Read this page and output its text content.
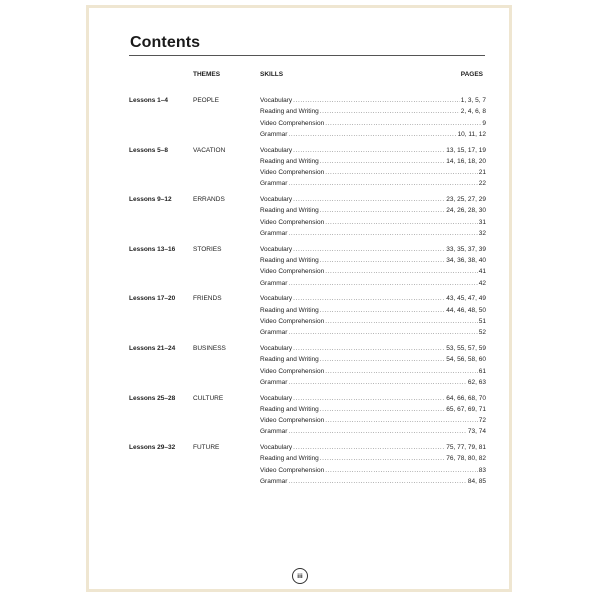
Contents
THEMES	SKILLS	PAGES
Lessons 1–4	PEOPLE	Vocabulary .....	1, 3, 5, 7
Reading and Writing .....	2, 4, 6, 8
Video Comprehension .....	9
Grammar .....	10, 11, 12
Lessons 5–8	VACATION	Vocabulary .....	13, 15, 17, 19
Reading and Writing .....	14, 16, 18, 20
Video Comprehension .....	21
Grammar .....	22
Lessons 9–12	ERRANDS	Vocabulary .....	23, 25, 27, 29
Reading and Writing .....	24, 26, 28, 30
Video Comprehension .....	31
Grammar .....	32
Lessons 13–16	STORIES	Vocabulary .....	33, 35, 37, 39
Reading and Writing .....	34, 36, 38, 40
Video Comprehension .....	41
Grammar .....	42
Lessons 17–20	FRIENDS	Vocabulary .....	43, 45, 47, 49
Reading and Writing .....	44, 46, 48, 50
Video Comprehension .....	51
Grammar .....	52
Lessons 21–24	BUSINESS	Vocabulary .....	53, 55, 57, 59
Reading and Writing .....	54, 56, 58, 60
Video Comprehension .....	61
Grammar .....	62, 63
Lessons 25–28	CULTURE	Vocabulary .....	64, 66, 68, 70
Reading and Writing .....	65, 67, 69, 71
Video Comprehension .....	72
Grammar .....	73, 74
Lessons 29–32	FUTURE	Vocabulary .....	75, 77, 79, 81
Reading and Writing .....	76, 78, 80, 82
Video Comprehension .....	83
Grammar .....	84, 85
iii
